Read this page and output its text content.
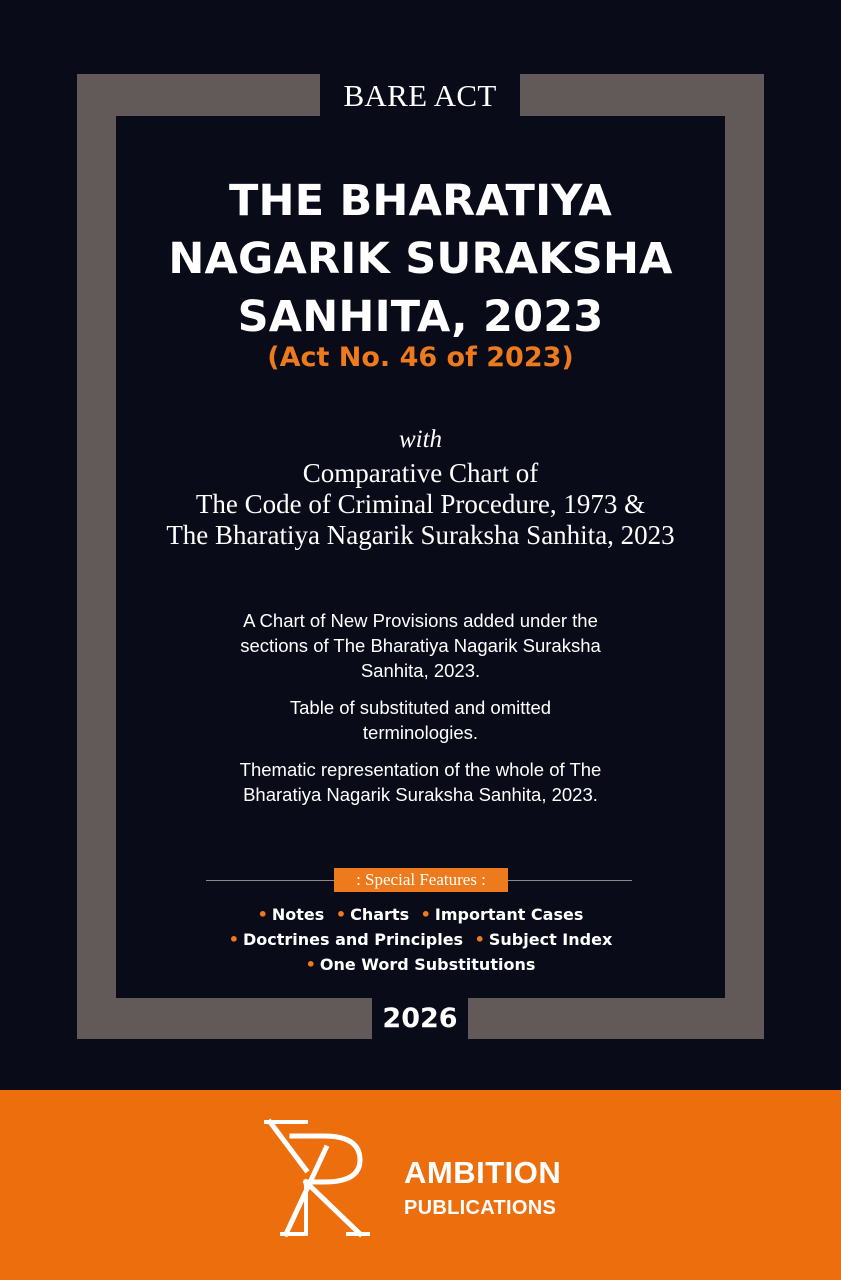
BARE ACT
THE BHARATIYA
NAGARIK SURAKSHA
SANHITA, 2023
(Act No. 46 of 2023)
with
Comparative Chart of
The Code of Criminal Procedure, 1973 &
The Bharatiya Nagarik Suraksha Sanhita, 2023

A Chart of New Provisions added under the
sections of The Bharatiya Nagarik Suraksha
Sanhita, 2023.

Table of substituted and omitted
terminologies.

Thematic representation of the whole of The
Bharatiya Nagarik Suraksha Sanhita, 2023.

: Special Features :
• Notes • Charts • Important Cases
• Doctrines and Principles • Subject Index
• One Word Substitutions
2026
AMBITION
PUBLICATIONS
